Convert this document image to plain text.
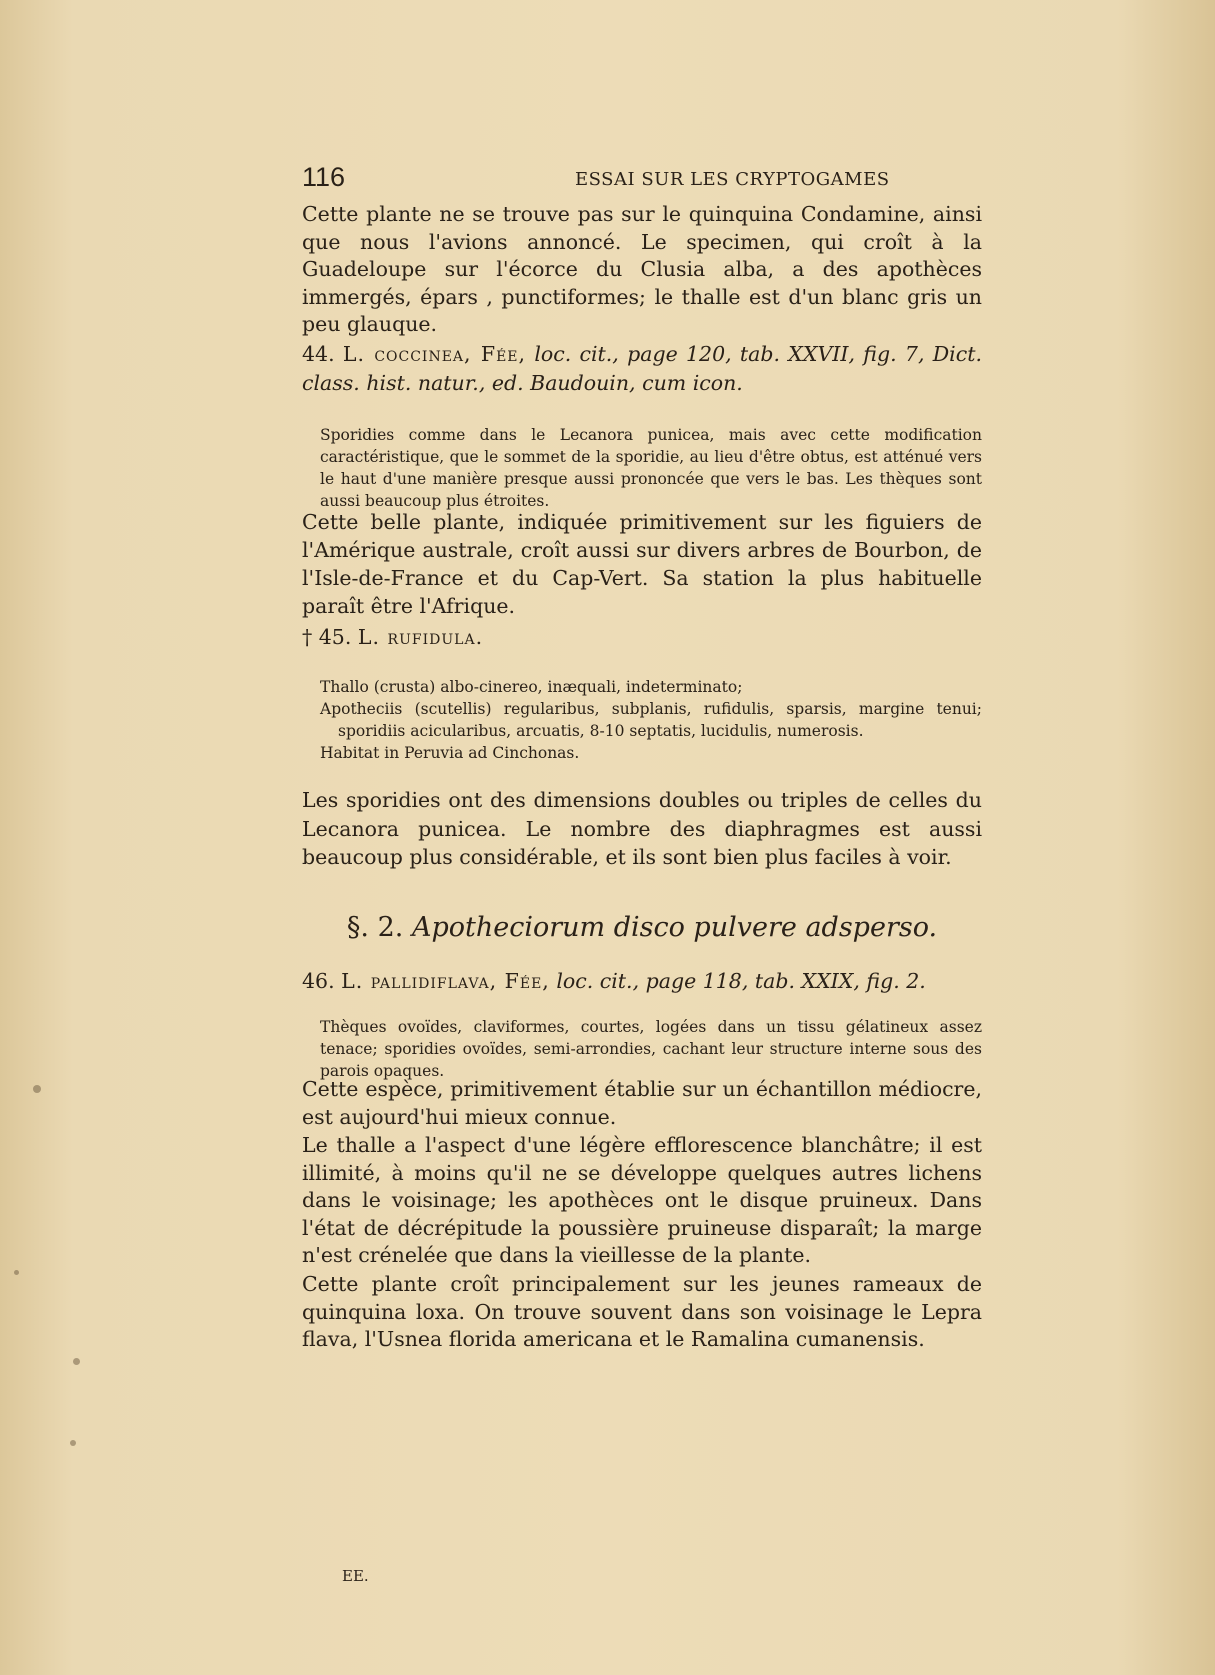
116	ESSAI SUR LES CRYPTOGAMES

Cette plante ne se trouve pas sur le quinquina Condamine, ainsi que nous l'avions annoncé. Le specimen, qui croît à la Guadeloupe sur l'écorce du Clusia alba, a des apothèces immergés, épars , punctiformes; le thalle est d'un blanc gris un peu glauque.

44. L. coccinea, Fée, loc. cit., page 120, tab. XXVII, fig. 7, Dict. class. hist. natur., ed. Baudouin, cum icon.

Sporidies comme dans le Lecanora punicea, mais avec cette modification caractéristique, que le sommet de la sporidie, au lieu d'être obtus, est atténué vers le haut d'une manière presque aussi prononcée que vers le bas. Les thèques sont aussi beaucoup plus étroites.

Cette belle plante, indiquée primitivement sur les figuiers de l'Amérique australe, croît aussi sur divers arbres de Bourbon, de l'Isle-de-France et du Cap-Vert. Sa station la plus habituelle paraît être l'Afrique.

† 45. L. rufidula.

Thallo (crusta) albo-cinereo, inæquali, indeterminato;

Apotheciis (scutellis) regularibus, subplanis, rufidulis, sparsis, margine tenui; sporidiis acicularibus, arcuatis, 8-10 septatis, lucidulis, numerosis.

Habitat in Peruvia ad Cinchonas.

Les sporidies ont des dimensions doubles ou triples de celles du Lecanora punicea. Le nombre des diaphragmes est aussi beaucoup plus considérable, et ils sont bien plus faciles à voir.

§. 2. Apotheciorum disco pulvere adsperso.

46. L. pallidiflava, Fée, loc. cit., page 118, tab. XXIX, fig. 2.

Thèques ovoïdes, claviformes, courtes, logées dans un tissu gélatineux assez tenace; sporidies ovoïdes, semi-arrondies, cachant leur structure interne sous des parois opaques.

Cette espèce, primitivement établie sur un échantillon médiocre, est aujourd'hui mieux connue.

Le thalle a l'aspect d'une légère efflorescence blanchâtre; il est illimité, à moins qu'il ne se développe quelques autres lichens dans le voisinage; les apothèces ont le disque pruineux. Dans l'état de décrépitude la poussière pruineuse disparaît; la marge n'est crénelée que dans la vieillesse de la plante.

Cette plante croît principalement sur les jeunes rameaux de quinquina loxa. On trouve souvent dans son voisinage le Lepra flava, l'Usnea florida americana et le Ramalina cumanensis.

EE.
